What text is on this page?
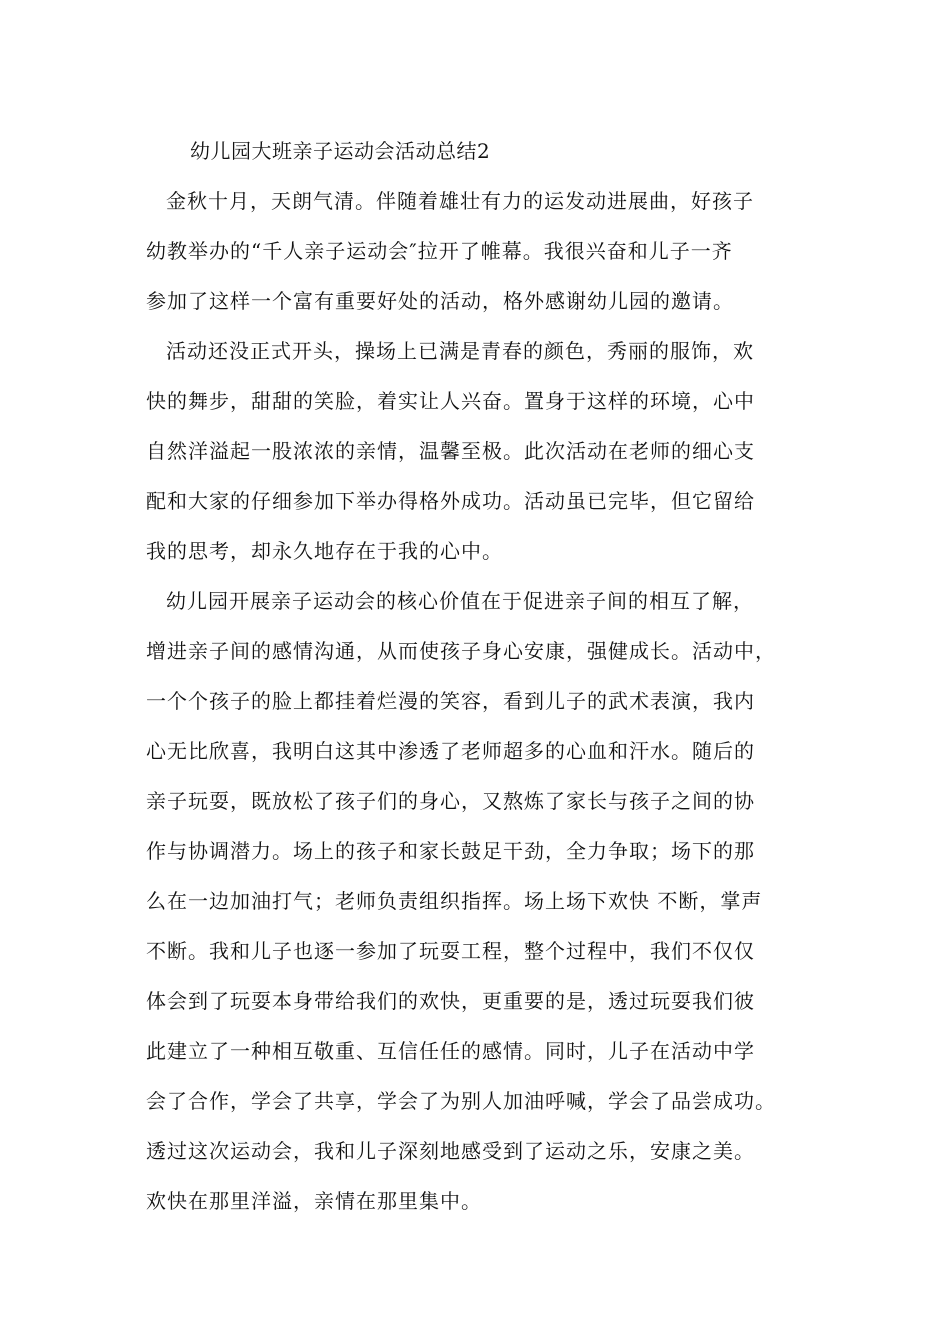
幼儿园大班亲子运动会活动总结2
金秋十月，天朗气清。伴随着雄壮有力的运发动进展曲，好孩子
幼教举办的“千人亲子运动会″拉开了帷幕。我很兴奋和儿子一齐
参加了这样一个富有重要好处的活动，格外感谢幼儿园的邀请。
活动还没正式开头，操场上已满是青春的颜色，秀丽的服饰，欢
快的舞步，甜甜的笑脸，着实让人兴奋。置身于这样的环境，心中
自然洋溢起一股浓浓的亲情，温馨至极。此次活动在老师的细心支
配和大家的仔细参加下举办得格外成功。活动虽已完毕，但它留给
我的思考，却永久地存在于我的心中。
幼儿园开展亲子运动会的核心价值在于促进亲子间的相互了解，
增进亲子间的感情沟通，从而使孩子身心安康，强健成长。活动中，
一个个孩子的脸上都挂着烂漫的笑容，看到儿子的武术表演，我内
心无比欣喜，我明白这其中渗透了老师超多的心血和汗水。随后的
亲子玩耍，既放松了孩子们的身心，又熬炼了家长与孩子之间的协
作与协调潜力。场上的孩子和家长鼓足干劲，全力争取；场下的那
么在一边加油打气；老师负责组织指挥。场上场下欢快 不断，掌声
不断。我和儿子也逐一参加了玩耍工程，整个过程中，我们不仅仅
体会到了玩耍本身带给我们的欢快，更重要的是，透过玩耍我们彼
此建立了一种相互敬重、互信任任的感情。同时，儿子在活动中学
会了合作，学会了共享，学会了为别人加油呼喊，学会了品尝成功。
透过这次运动会，我和儿子深刻地感受到了运动之乐，安康之美。
欢快在那里洋溢，亲情在那里集中。
